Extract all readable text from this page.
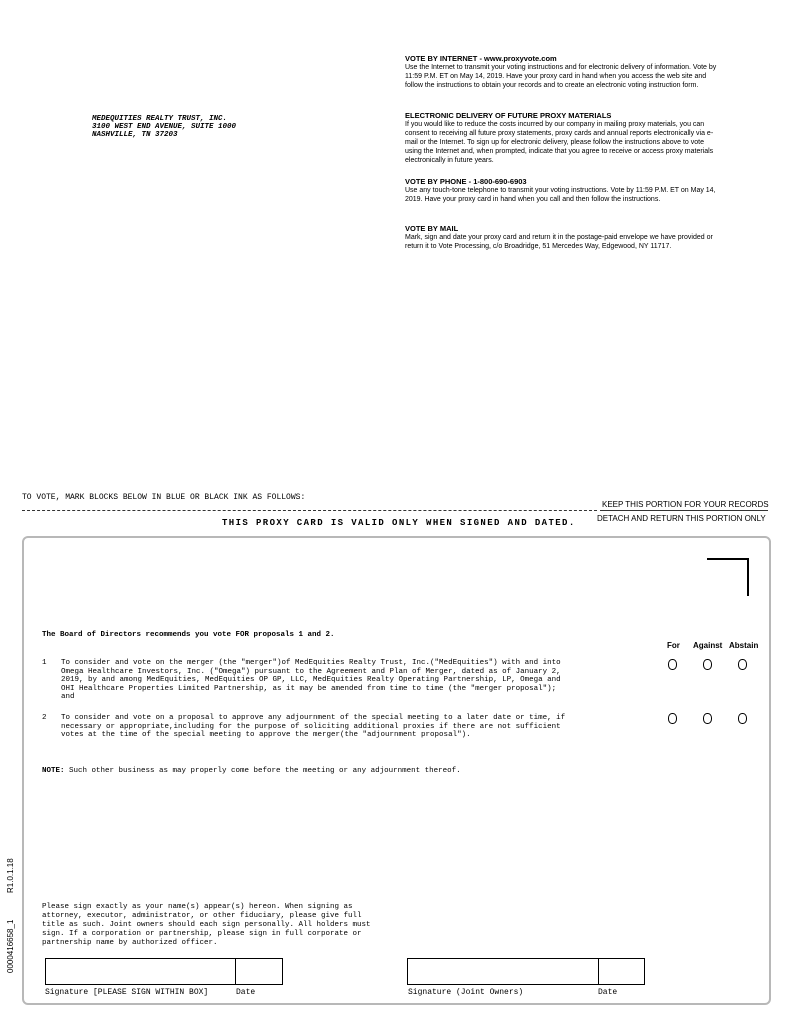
MEDEQUITIES REALTY TRUST, INC.
3100 WEST END AVENUE, SUITE 1000
NASHVILLE, TN 37203
VOTE BY INTERNET - www.proxyvote.com
Use the Internet to transmit your voting instructions and for electronic delivery of information. Vote by 11:59 P.M. ET on May 14, 2019. Have your proxy card in hand when you access the web site and follow the instructions to obtain your records and to create an electronic voting instruction form.
ELECTRONIC DELIVERY OF FUTURE PROXY MATERIALS
If you would like to reduce the costs incurred by our company in mailing proxy materials, you can consent to receiving all future proxy statements, proxy cards and annual reports electronically via e-mail or the Internet. To sign up for electronic delivery, please follow the instructions above to vote using the Internet and, when prompted, indicate that you agree to receive or access proxy materials electronically in future years.
VOTE BY PHONE - 1-800-690-6903
Use any touch-tone telephone to transmit your voting instructions. Vote by 11:59 P.M. ET on May 14, 2019. Have your proxy card in hand when you call and then follow the instructions.
VOTE BY MAIL
Mark, sign and date your proxy card and return it in the postage-paid envelope we have provided or return it to Vote Processing, c/o Broadridge, 51 Mercedes Way, Edgewood, NY 11717.
TO VOTE, MARK BLOCKS BELOW IN BLUE OR BLACK INK AS FOLLOWS:
KEEP THIS PORTION FOR YOUR RECORDS
DETACH AND RETURN THIS PORTION ONLY
THIS PROXY CARD IS VALID ONLY WHEN SIGNED AND DATED.
The Board of Directors recommends you vote FOR proposals 1 and 2.
For Against Abstain
1 To consider and vote on the merger (the "merger")of MedEquities Realty Trust, Inc.("MedEquities") with and into Omega Healthcare Investors, Inc. ("Omega") pursuant to the Agreement and Plan of Merger, dated as of January 2, 2019, by and among MedEquities, MedEquities OP GP, LLC, MedEquities Realty Operating Partnership, LP, Omega and OHI Healthcare Properties Limited Partnership, as it may be amended from time to time (the "merger proposal"); and
2 To consider and vote on a proposal to approve any adjournment of the special meeting to a later date or time, if necessary or appropriate,including for the purpose of soliciting additional proxies if there are not sufficient votes at the time of the special meeting to approve the merger(the "adjournment proposal").
NOTE: Such other business as may properly come before the meeting or any adjournment thereof.
Please sign exactly as your name(s) appear(s) hereon. When signing as attorney, executor, administrator, or other fiduciary, please give full title as such. Joint owners should each sign personally. All holders must sign. If a corporation or partnership, please sign in full corporate or partnership name by authorized officer.
Signature [PLEASE SIGN WITHIN BOX]	Date	Signature (Joint Owners)	Date
0000416658_1
R1.0.1.18
